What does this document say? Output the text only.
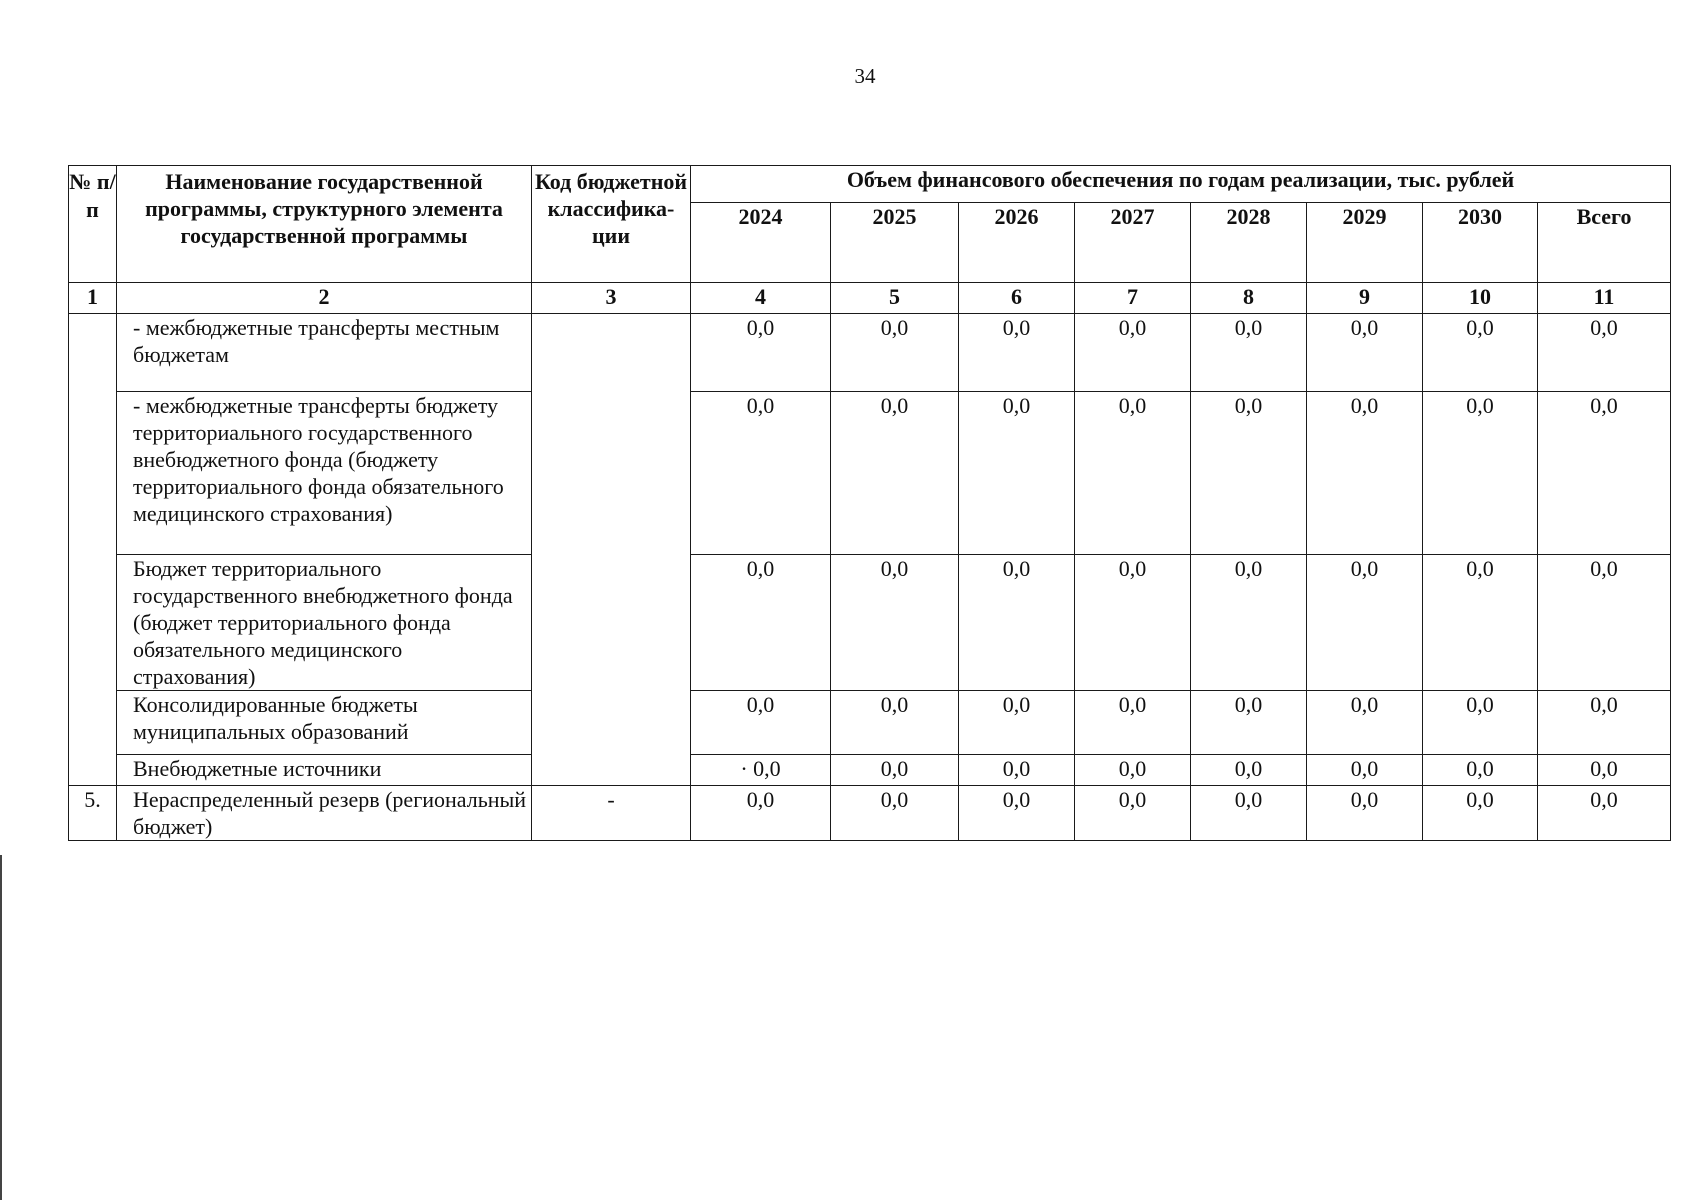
34
№ п/п	Наименование государственной программы, структурного элемента государственной программы	Код бюджетной классифика-ции	Объем финансового обеспечения по годам реализации, тыс. рублей							
			2024	2025	2026	2027	2028	2029	2030	Всего
1	2	3	4	5	6	7	8	9	10	11
	- межбюджетные трансферты местным бюджетам		0,0	0,0	0,0	0,0	0,0	0,0	0,0	0,0
	- межбюджетные трансферты бюджету территориального государственного внебюджетного фонда (бюджету территориального фонда обязательного медицинского страхования)		0,0	0,0	0,0	0,0	0,0	0,0	0,0	0,0
	Бюджет территориального государственного внебюджетного фонда (бюджет территориального фонда обязательного медицинского страхования)		0,0	0,0	0,0	0,0	0,0	0,0	0,0	0,0
	Консолидированные бюджеты муниципальных образований		0,0	0,0	0,0	0,0	0,0	0,0	0,0	0,0
	Внебюджетные источники		· 0,0	0,0	0,0	0,0	0,0	0,0	0,0	0,0
5.	Нераспределенный резерв (региональный бюджет)	-	0,0	0,0	0,0	0,0	0,0	0,0	0,0	0,0
